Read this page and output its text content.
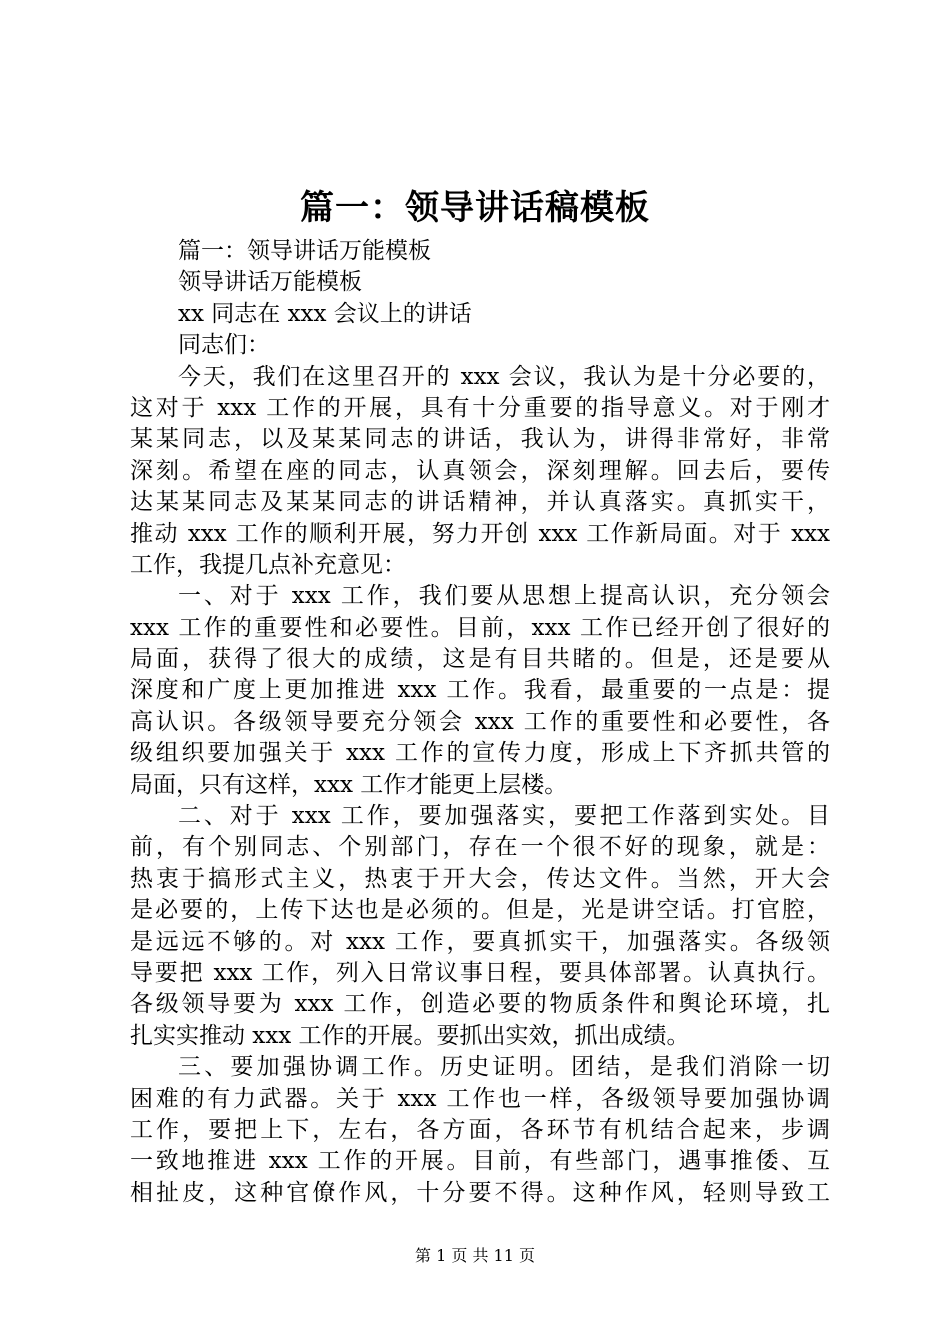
篇一：领导讲话稿模板
篇一：领导讲话万能模板
领导讲话万能模板
xx 同志在 xxx 会议上的讲话
同志们：
今天，我们在这里召开的 xxx 会议，我认为是十分必要的，
这对于 xxx 工作的开展，具有十分重要的指导意义。对于刚才
某某同志，以及某某同志的讲话，我认为，讲得非常好，非常
深刻。希望在座的同志，认真领会，深刻理解。回去后，要传
达某某同志及某某同志的讲话精神，并认真落实。真抓实干，
推动 xxx 工作的顺利开展，努力开创 xxx 工作新局面。对于 xxx
工作，我提几点补充意见：
一、对于 xxx 工作，我们要从思想上提高认识，充分领会
xxx 工作的重要性和必要性。目前，xxx 工作已经开创了很好的
局面，获得了很大的成绩，这是有目共睹的。但是，还是要从
深度和广度上更加推进 xxx 工作。我看，最重要的一点是：提
高认识。各级领导要充分领会 xxx 工作的重要性和必要性，各
级组织要加强关于 xxx 工作的宣传力度，形成上下齐抓共管的
局面，只有这样，xxx 工作才能更上层楼。
二、对于 xxx 工作，要加强落实，要把工作落到实处。目
前，有个别同志、个别部门，存在一个很不好的现象，就是：
热衷于搞形式主义，热衷于开大会，传达文件。当然，开大会
是必要的，上传下达也是必须的。但是，光是讲空话。打官腔，
是远远不够的。对 xxx 工作，要真抓实干，加强落实。各级领
导要把 xxx 工作，列入日常议事日程，要具体部署。认真执行。
各级领导要为 xxx 工作，创造必要的物质条件和舆论环境，扎
扎实实推动 xxx 工作的开展。要抓出实效，抓出成绩。
三、要加强协调工作。历史证明。团结，是我们消除一切
困难的有力武器。关于 xxx 工作也一样，各级领导要加强协调
工作，要把上下，左右，各方面，各环节有机结合起来，步调
一致地推进 xxx 工作的开展。目前，有些部门，遇事推倭、互
相扯皮，这种官僚作风，十分要不得。这种作风，轻则导致工
第 1 页 共 11 页
